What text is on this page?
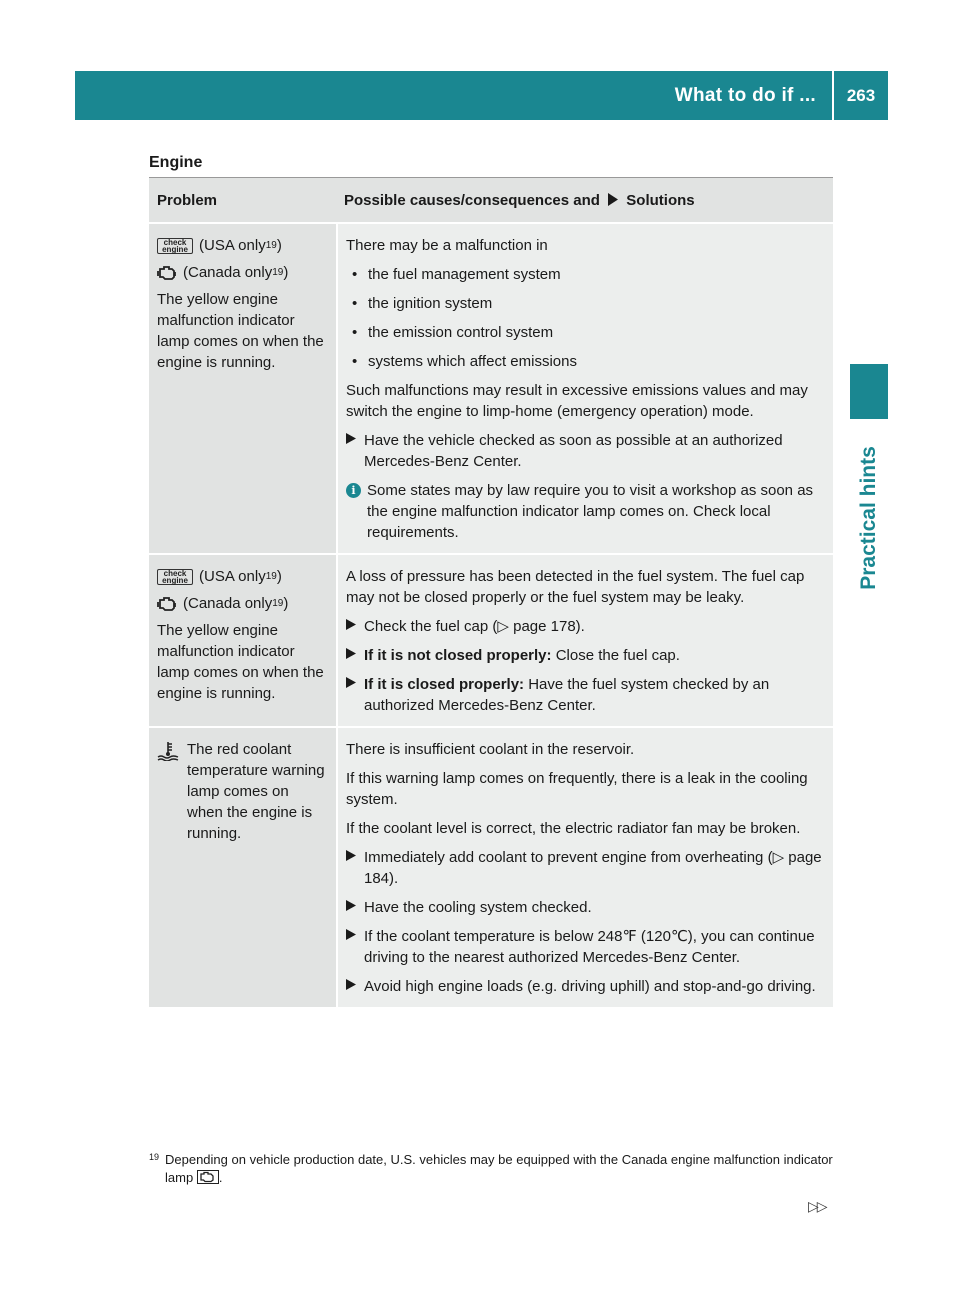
What to do if ...	263
Practical hints
Engine
Problem	Possible causes/consequences and Solutions
check
engine (USA only 19 )
(Canada only 19 )
The yellow engine malfunction indicator lamp comes on when the engine is running.
There may be a malfunction in
• the fuel management system
• the ignition system
• the emission control system
• systems which affect emissions
Such malfunctions may result in excessive emissions values and may switch the engine to limp-home (emergency operation) mode.
Have the vehicle checked as soon as possible at an authorized Mercedes-Benz Center.
i Some states may by law require you to visit a workshop as soon as the engine malfunction indicator lamp comes on. Check local requirements.
check
engine (USA only 19 )
(Canada only 19 )
The yellow engine malfunction indicator lamp comes on when the engine is running.
A loss of pressure has been detected in the fuel system. The fuel cap may not be closed properly or the fuel system may be leaky.
Check the fuel cap (▷ page 178).
If it is not closed properly: Close the fuel cap.
If it is closed properly: Have the fuel system checked by an authorized Mercedes-Benz Center.
The red coolant temperature warning lamp comes on when the engine is running.
There is insufficient coolant in the reservoir.
If this warning lamp comes on frequently, there is a leak in the cooling system.
If the coolant level is correct, the electric radiator fan may be broken.
Immediately add coolant to prevent engine from overheating (▷ page 184).
Have the cooling system checked.
If the coolant temperature is below 248℉ (120℃), you can continue driving to the nearest authorized Mercedes-Benz Center.
Avoid high engine loads (e.g. driving uphill) and stop-and-go driving.
19 Depending on vehicle production date, U.S. vehicles may be equipped with the Canada engine malfunction indicator lamp .
▷▷
